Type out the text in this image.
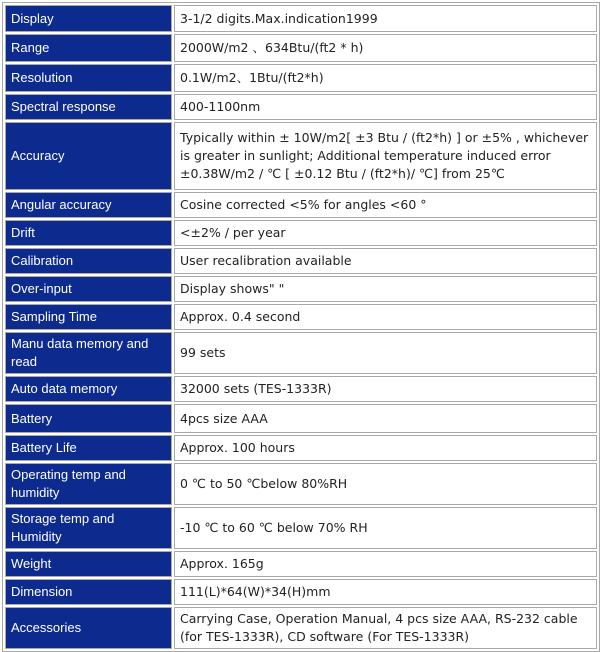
Display	3-1/2 digits.Max.indication1999
Range	2000W/m2 、634Btu/(ft2 * h)
Resolution	0.1W/m2、1Btu/(ft2*h)
Spectral response	400-1100nm
Accuracy	Typically within ± 10W/m2[ ±3 Btu / (ft2*h) ] or ±5% , whichever is greater in sunlight; Additional temperature induced error ±0.38W/m2 / ℃ [ ±0.12 Btu / (ft2*h)/ ℃] from 25℃
Angular accuracy	Cosine corrected <5% for angles <60 °
Drift	<±2% / per year
Calibration	User recalibration available
Over-input	Display shows" "
Sampling Time	Approx. 0.4 second
Manu data memory and read	99 sets
Auto data memory	32000 sets (TES-1333R)
Battery	4pcs size AAA
Battery Life	Approx. 100 hours
Operating temp and humidity	0 ℃ to 50 ℃below 80%RH
Storage temp and Humidity	-10 ℃ to 60 ℃ below 70% RH
Weight	Approx. 165g
Dimension	111(L)*64(W)*34(H)mm
Accessories	Carrying Case, Operation Manual, 4 pcs size AAA, RS-232 cable (for TES-1333R), CD software (For TES-1333R)
